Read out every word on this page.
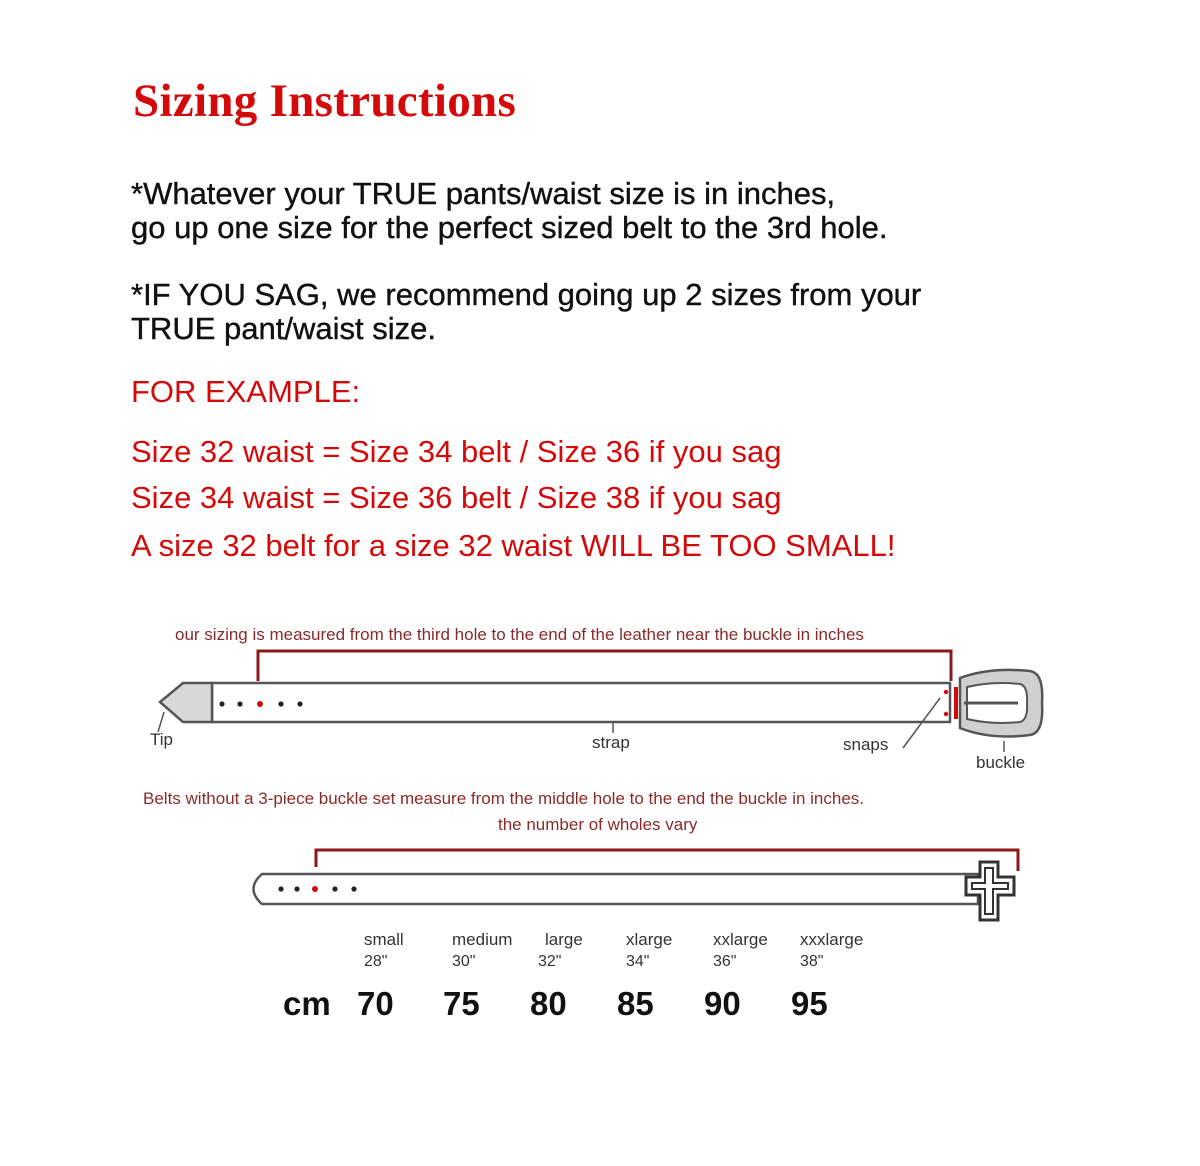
Sizing Instructions
*Whatever your TRUE pants/waist size is in inches,
go up one size for the perfect sized belt to the 3rd hole.
*IF YOU SAG, we recommend going up 2 sizes from your
TRUE pant/waist size.
FOR EXAMPLE:
Size 32 waist = Size 34 belt / Size 36 if you sag
Size 34 waist = Size 36 belt / Size 38 if you sag
A size 32 belt for a size 32 waist WILL BE TOO SMALL!
our sizing is measured from the third hole to the end of the leather near the buckle in inches
Tip	strap	snaps
buckle
Belts without a 3-piece buckle set measure from the middle hole to the end the buckle in inches.
the number of wholes vary
small	medium large	xlarge xxlarge xxxlarge
28"	30"	32"	34"	36"	38"
cm 70 75 80 85 90 95
